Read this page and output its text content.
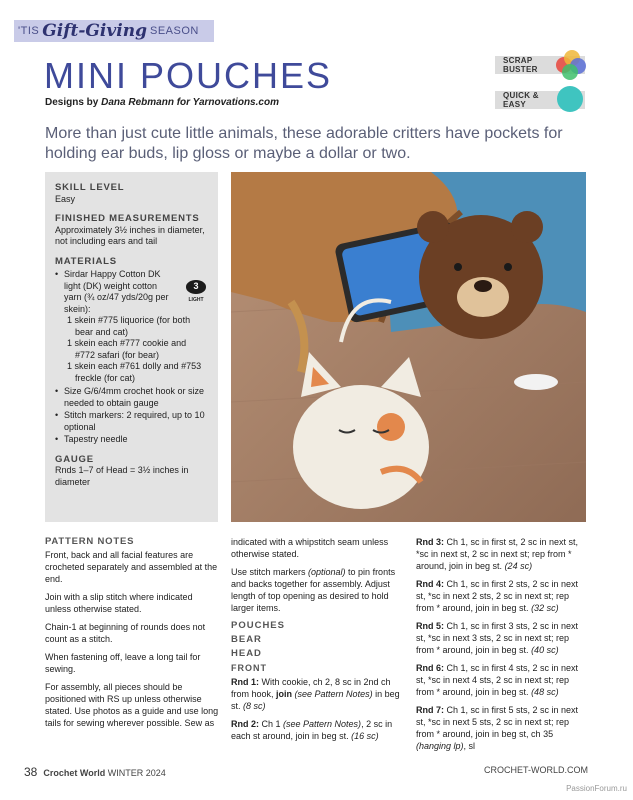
'TIS Gift-Giving SEASON
MINI POUCHES
Designs by Dana Rebmann for Yarnovations.com
SCRAP BUSTER
QUICK & EASY

More than just cute little animals, these adorable critters have pockets for holding ear buds, lip gloss or maybe a dollar or two.

SKILL LEVEL
Easy
FINISHED MEASUREMENTS
Approximately 3½ inches in diameter, not including ears and tail
MATERIALS
• Sirdar Happy Cotton DK light (DK) weight cotton yarn (¾ oz/47 yds/20g per skein):
1 skein #775 liquorice (for both bear and cat)
1 skein each #777 cookie and #772 safari (for bear)
1 skein each #761 dolly and #753 freckle (for cat)
• Size G/6/4mm crochet hook or size needed to obtain gauge
• Stitch markers: 2 required, up to 10 optional
• Tapestry needle
GAUGE
Rnds 1–7 of Head = 3½ inches in diameter
3
LIGHT
PATTERN NOTES

Front, back and all facial features are crocheted separately and assembled at the end.

Join with a slip stitch where indicated unless otherwise stated.

Chain-1 at beginning of rounds does not count as a stitch.

When fastening off, leave a long tail for sewing.

For assembly, all pieces should be positioned with RS up unless otherwise stated. Use photos as a guide and use long tails for sewing wherever possible. Sew as

indicated with a whipstitch seam unless otherwise stated.

Use stitch markers (optional) to pin fronts and backs together for assembly. Adjust length of top opening as desired to hold larger items.

POUCHES
BEAR
HEAD
FRONT

Rnd 1: With cookie, ch 2, 8 sc in 2nd ch from hook, join (see Pattern Notes) in beg st. (8 sc)

Rnd 2: Ch 1 (see Pattern Notes), 2 sc in each st around, join in beg st. (16 sc)

Rnd 3: Ch 1, sc in first st, 2 sc in next st, *sc in next st, 2 sc in next st; rep from * around, join in beg st. (24 sc)

Rnd 4: Ch 1, sc in first 2 sts, 2 sc in next st, *sc in next 2 sts, 2 sc in next st; rep from * around, join in beg st. (32 sc)

Rnd 5: Ch 1, sc in first 3 sts, 2 sc in next st, *sc in next 3 sts, 2 sc in next st; rep from * around, join in beg st. (40 sc)

Rnd 6: Ch 1, sc in first 4 sts, 2 sc in next st, *sc in next 4 sts, 2 sc in next st; rep from * around, join in beg st. (48 sc)

Rnd 7: Ch 1, sc in first 5 sts, 2 sc in next st, *sc in next 5 sts, 2 sc in next st; rep from * around, join in beg st, ch 35 (hanging lp), sl

38 Crochet World WINTER 2024	CROCHET-WORLD.COM
PassionForum.ru
